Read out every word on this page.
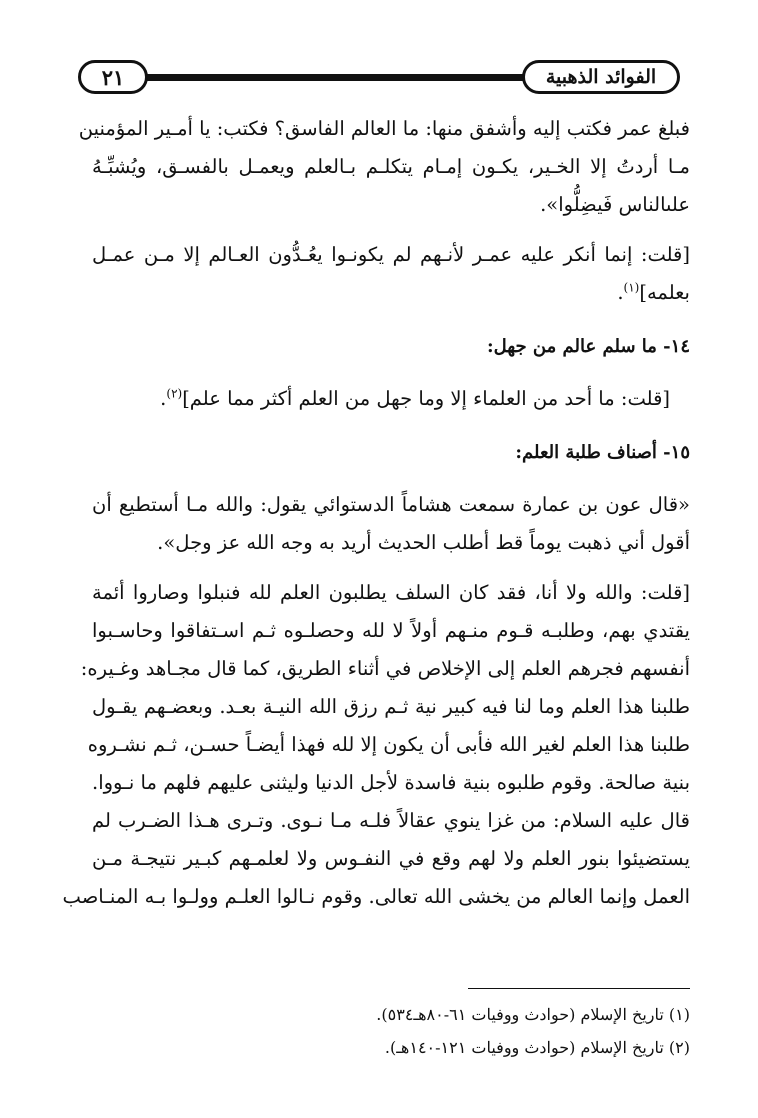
٢١	الفوائد الذهبية
فبلغ عمر فكتب إليه وأشفق منها: ما العالم الفاسق؟ فكتب: يا أمـير المؤمنين
مـا أردتُ إلا الخـير، يكـون إمـام يتكلـم بـالعلم ويعمـل بالفسـق، ويُشبِّـهُ
علىالناس فَيضِلُّوا».
[قلت: إنما أنكر عليه عمـر لأنـهم لم يكونـوا يعُـدُّون العـالم إلا مـن عمـل
بعلمه]$^{(١)}$.
١٤- ما سلم عالم من جهل:
[قلت: ما أحد من العلماء إلا وما جهل من العلم أكثر مما علم]$^{(٢)}$.
١٥- أصناف طلبة العلم:
«قال عون بن عمارة سمعت هشاماً الدستوائي يقول: والله مـا أستطيع أن
أقول أني ذهبت يوماً قط أطلب الحديث أريد به وجه الله عز وجل».
[قلت: والله ولا أنا، فقد كان السلف يطلبون العلم لله فنبلوا وصاروا أئمة
يقتدي بهم، وطلبـه قـوم منـهم أولاً لا لله وحصلـوه ثـم اسـتفاقوا وحاسـبوا
أنفسهم فجرهم العلم إلى الإخلاص في أثناء الطريق، كما قال مجـاهد وغـيره:
طلبنا هذا العلم وما لنا فيه كبير نية ثـم رزق الله النيـة بعـد. وبعضـهم يقـول
طلبنا هذا العلم لغير الله فأبى أن يكون إلا لله فهذا أيضـاً حسـن، ثـم نشـروه
بنية صالحة. وقوم طلبوه بنية فاسدة لأجل الدنيا وليثنى عليهم فلهم ما نـووا.
قال عليه السلام: من غزا ينوي عقالاً فلـه مـا نـوى. وتـرى هـذا الضـرب لم
يستضيئوا بنور العلم ولا لهم وقع في النفـوس ولا لعلمـهم كبـير نتيجـة مـن
العمل وإنما العالم من يخشى الله تعالى. وقوم نـالوا العلـم وولـوا بـه المنـاصب
(١) تاريخ الإسلام (حوادث ووفيات ٦١-٨٠هـ٥٣٤).
(٢) تاريخ الإسلام (حوادث ووفيات ١٢١-١٤٠هـ).
